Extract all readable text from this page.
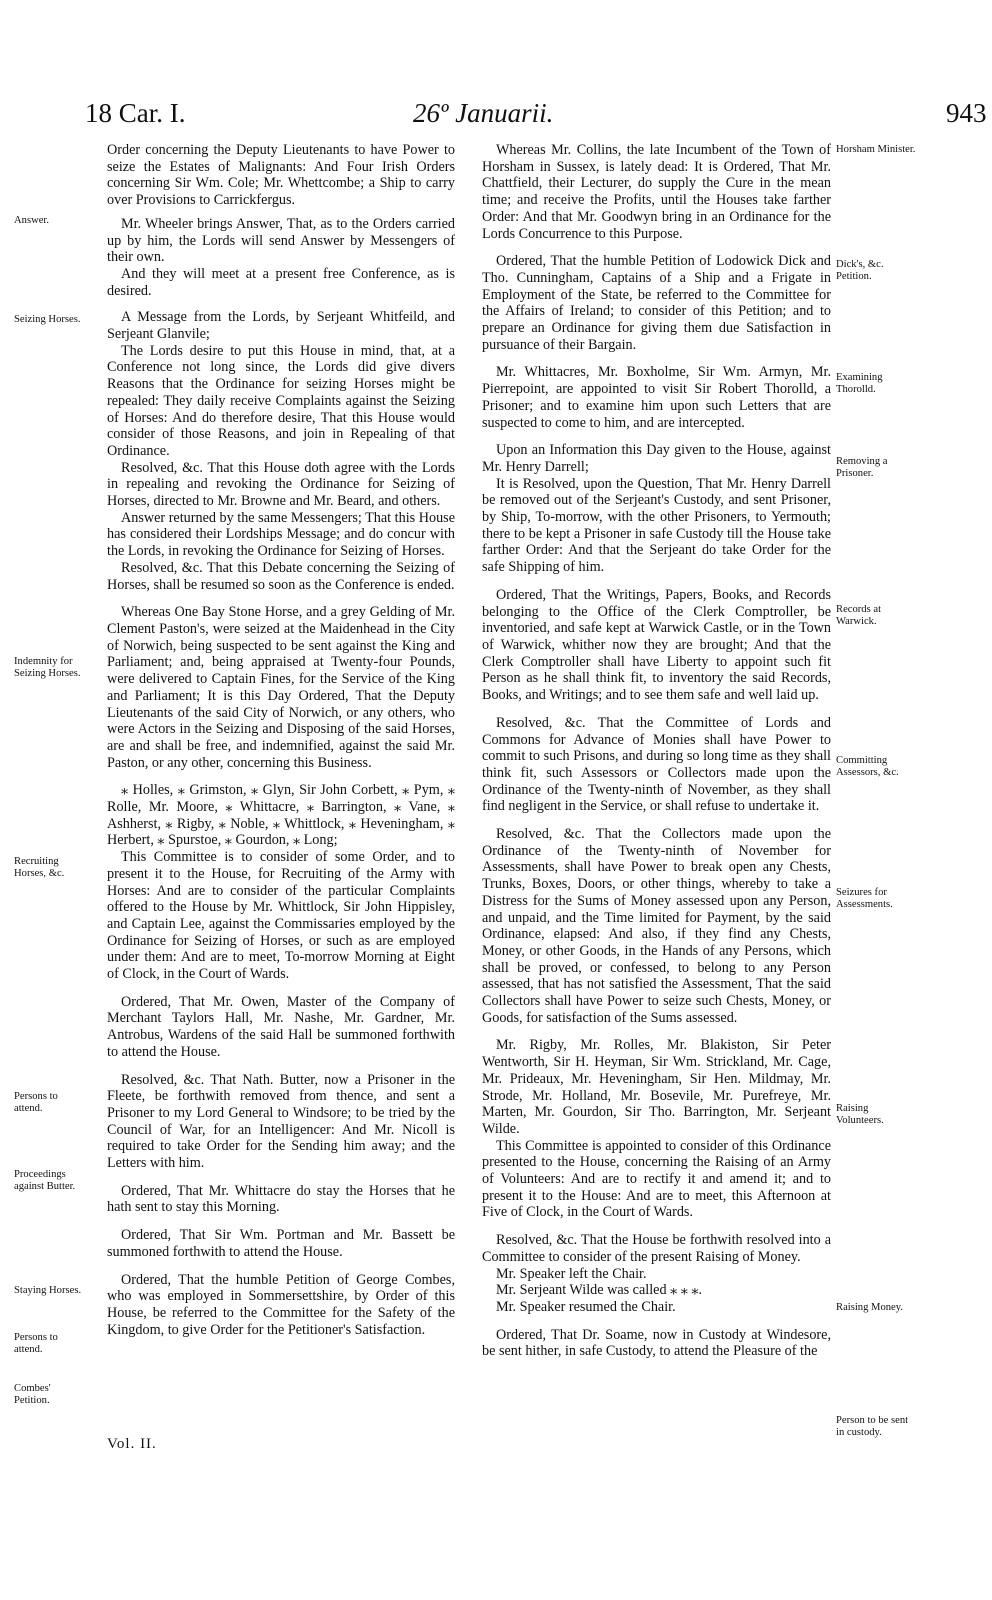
18 Car. I.	26º Januarii.	943

Order concerning the Deputy Lieutenants to have Power to seize the Estates of Malignants: And Four Irish Orders concerning Sir Wm. Cole; Mr. Whettcombe; a Ship to carry over Provisions to Carrickfergus.

Mr. Wheeler brings Answer, That, as to the Orders carried up by him, the Lords will send Answer by Messengers of their own.

And they will meet at a present free Conference, as is desired.

A Message from the Lords, by Serjeant Whitfeild, and Serjeant Glanvile;

The Lords desire to put this House in mind, that, at a Conference not long since, the Lords did give divers Reasons that the Ordinance for seizing Horses might be repealed: They daily receive Complaints against the Seizing of Horses: And do therefore desire, That this House would consider of those Reasons, and join in Repealing of that Ordinance.

Resolved, &c. That this House doth agree with the Lords in repealing and revoking the Ordinance for Seizing of Horses, directed to Mr. Browne and Mr. Beard, and others.

Answer returned by the same Messengers; That this House has considered their Lordships Message; and do concur with the Lords, in revoking the Ordinance for Seizing of Horses.

Resolved, &c. That this Debate concerning the Seizing of Horses, shall be resumed so soon as the Conference is ended.

Whereas One Bay Stone Horse, and a grey Gelding of Mr. Clement Paston's, were seized at the Maidenhead in the City of Norwich, being suspected to be sent against the King and Parliament; and, being appraised at Twenty-four Pounds, were delivered to Captain Fines, for the Service of the King and Parliament; It is this Day Ordered, That the Deputy Lieutenants of the said City of Norwich, or any others, who were Actors in the Seizing and Disposing of the said Horses, are and shall be free, and indemnified, against the said Mr. Paston, or any other, concerning this Business.

⁎ Holles, ⁎ Grimston, ⁎ Glyn, Sir John Corbett, ⁎ Pym, ⁎ Rolle, Mr. Moore, ⁎ Whittacre, ⁎ Barrington, ⁎ Vane, ⁎ Ashherst, ⁎ Rigby, ⁎ Noble, ⁎ Whittlock, ⁎ Heveningham, ⁎ Herbert, ⁎ Spurstoe, ⁎ Gourdon, ⁎ Long;

This Committee is to consider of some Order, and to present it to the House, for Recruiting of the Army with Horses: And are to consider of the particular Complaints offered to the House by Mr. Whittlock, Sir John Hippisley, and Captain Lee, against the Commissaries employed by the Ordinance for Seizing of Horses, or such as are employed under them: And are to meet, To-morrow Morning at Eight of Clock, in the Court of Wards.

Ordered, That Mr. Owen, Master of the Company of Merchant Taylors Hall, Mr. Nashe, Mr. Gardner, Mr. Antrobus, Wardens of the said Hall be summoned forthwith to attend the House.

Resolved, &c. That Nath. Butter, now a Prisoner in the Fleete, be forthwith removed from thence, and sent a Prisoner to my Lord General to Windsore; to be tried by the Council of War, for an Intelligencer: And Mr. Nicoll is required to take Order for the Sending him away; and the Letters with him.

Ordered, That Mr. Whittacre do stay the Horses that he hath sent to stay this Morning.

Ordered, That Sir Wm. Portman and Mr. Bassett be summoned forthwith to attend the House.

Ordered, That the humble Petition of George Combes, who was employed in Sommersettshire, by Order of this House, be referred to the Committee for the Safety of the Kingdom, to give Order for the Petitioner's Satisfaction.

Vol. II.

Whereas Mr. Collins, the late Incumbent of the Town of Horsham in Sussex, is lately dead: It is Ordered, That Mr. Chattfield, their Lecturer, do supply the Cure in the mean time; and receive the Profits, until the Houses take farther Order: And that Mr. Goodwyn bring in an Ordinance for the Lords Concurrence to this Purpose.

Ordered, That the humble Petition of Lodowick Dick and Tho. Cunningham, Captains of a Ship and a Frigate in Employment of the State, be referred to the Committee for the Affairs of Ireland; to consider of this Petition; and to prepare an Ordinance for giving them due Satisfaction in pursuance of their Bargain.

Mr. Whittacres, Mr. Boxholme, Sir Wm. Armyn, Mr. Pierrepoint, are appointed to visit Sir Robert Thorolld, a Prisoner; and to examine him upon such Letters that are suspected to come to him, and are intercepted.

Upon an Information this Day given to the House, against Mr. Henry Darrell;

It is Resolved, upon the Question, That Mr. Henry Darrell be removed out of the Serjeant's Custody, and sent Prisoner, by Ship, To-morrow, with the other Prisoners, to Yermouth; there to be kept a Prisoner in safe Custody till the House take farther Order: And that the Serjeant do take Order for the safe Shipping of him.

Ordered, That the Writings, Papers, Books, and Records belonging to the Office of the Clerk Comptroller, be inventoried, and safe kept at Warwick Castle, or in the Town of Warwick, whither now they are brought; And that the Clerk Comptroller shall have Liberty to appoint such fit Person as he shall think fit, to inventory the said Records, Books, and Writings; and to see them safe and well laid up.

Resolved, &c. That the Committee of Lords and Commons for Advance of Monies shall have Power to commit to such Prisons, and during so long time as they shall think fit, such Assessors or Collectors made upon the Ordinance of the Twenty-ninth of November, as they shall find negligent in the Service, or shall refuse to undertake it.

Resolved, &c. That the Collectors made upon the Ordinance of the Twenty-ninth of November for Assessments, shall have Power to break open any Chests, Trunks, Boxes, Doors, or other things, whereby to take a Distress for the Sums of Money assessed upon any Person, and unpaid, and the Time limited for Payment, by the said Ordinance, elapsed: And also, if they find any Chests, Money, or other Goods, in the Hands of any Persons, which shall be proved, or confessed, to belong to any Person assessed, that has not satisfied the Assessment, That the said Collectors shall have Power to seize such Chests, Money, or Goods, for satisfaction of the Sums assessed.

Mr. Rigby, Mr. Rolles, Mr. Blakiston, Sir Peter Wentworth, Sir H. Heyman, Sir Wm. Strickland, Mr. Cage, Mr. Prideaux, Mr. Heveningham, Sir Hen. Mildmay, Mr. Strode, Mr. Holland, Mr. Bosevile, Mr. Purefreye, Mr. Marten, Mr. Gourdon, Sir Tho. Barrington, Mr. Serjeant Wilde.

This Committee is appointed to consider of this Ordinance presented to the House, concerning the Raising of an Army of Volunteers: And are to rectify it and amend it; and to present it to the House: And are to meet, this Afternoon at Five of Clock, in the Court of Wards.

Resolved, &c. That the House be forthwith resolved into a Committee to consider of the present Raising of Money.

Mr. Speaker left the Chair.

Mr. Serjeant Wilde was called ⁎ ⁎ ⁎.

Mr. Speaker resumed the Chair.

Ordered, That Dr. Soame, now in Custody at Windesore, be sent hither, in safe Custody, to attend the Pleasure of the

Answer.
Seizing Horses.
Indemnity for Seizing Horses.
Recruiting Horses, &c.
Persons to attend.
Proceedings against Butter.
Staying Horses.
Persons to attend.
Combes' Petition.
Horsham Minister.
Dick's, &c. Petition.
Examining Thorolld.
Removing a Prisoner.
Records at Warwick.
Committing Assessors, &c.
Seizures for Assessments.
Raising Volunteers.
Raising Money.
Person to be sent in custody.
